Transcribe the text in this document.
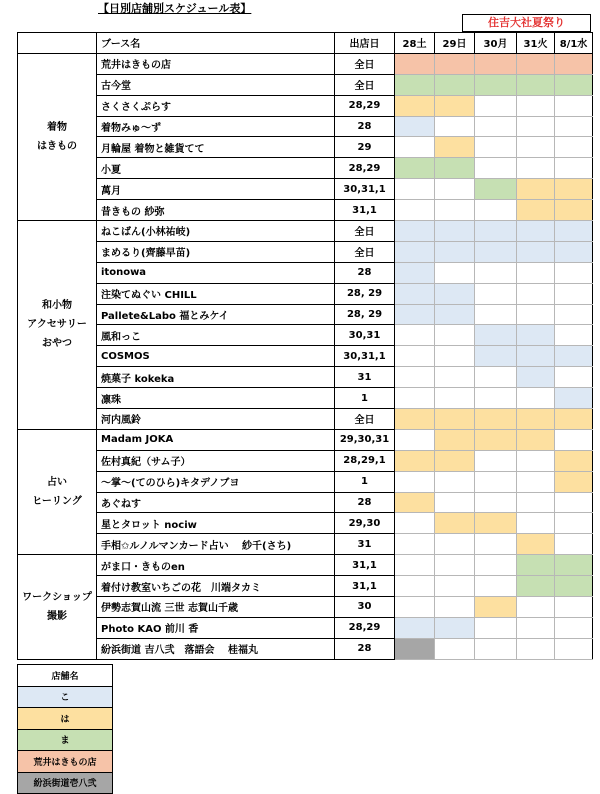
【日別店舗別スケジュール表】
住吉大社夏祭り
	ブース名	出店日	28土	29日	30月	31火	8/1水
着物
はきもの	荒井はきもの店	全日					
	古今堂	全日					
	さくさくぷらす	28,29					
	着物みゅ～ず	28					
	月輪屋 着物と雑貨てて	29					
	小夏	28,29					
	萬月	30,31,1					
	昔きもの 紗弥	31,1					
和小物
アクセサリー
おやつ	ねこばん(小林祐岐)	全日					
	まめるり(齊藤早苗)	全日					
	itonowa	28					
	注染てぬぐい CHILL	28, 29					
	Pallete&Labo 福とみケイ	28, 29					
	風和っこ	30,31					
	COSMOS	30,31,1					
	焼菓子 kokeka	31					
	凛珠	1					
	河内風鈴	全日					
占い
ヒーリング	Madam JOKA	29,30,31					
	佐村真紀（サム子）	28,29,1					
	～掌～(てのひら)キタデノブヨ	1					
	あぐねす	28					
	星とタロット nociw	29,30					
	手相✩ルノルマンカード占い　 紗千(さち)	31					
ワークショップ
撮影	がま口・きものen	31,1					
	着付け教室いちごの花　川端タカミ	31,1					
	伊勢志賀山流 三世 志賀山千歳	30					
	Photo KAO 前川 香	28,29					
	紛浜街道 吉八弐　落語会　 桂福丸	28					
店舗名
こ
は
ま
荒井はきもの店
紛浜街道壱八弐
